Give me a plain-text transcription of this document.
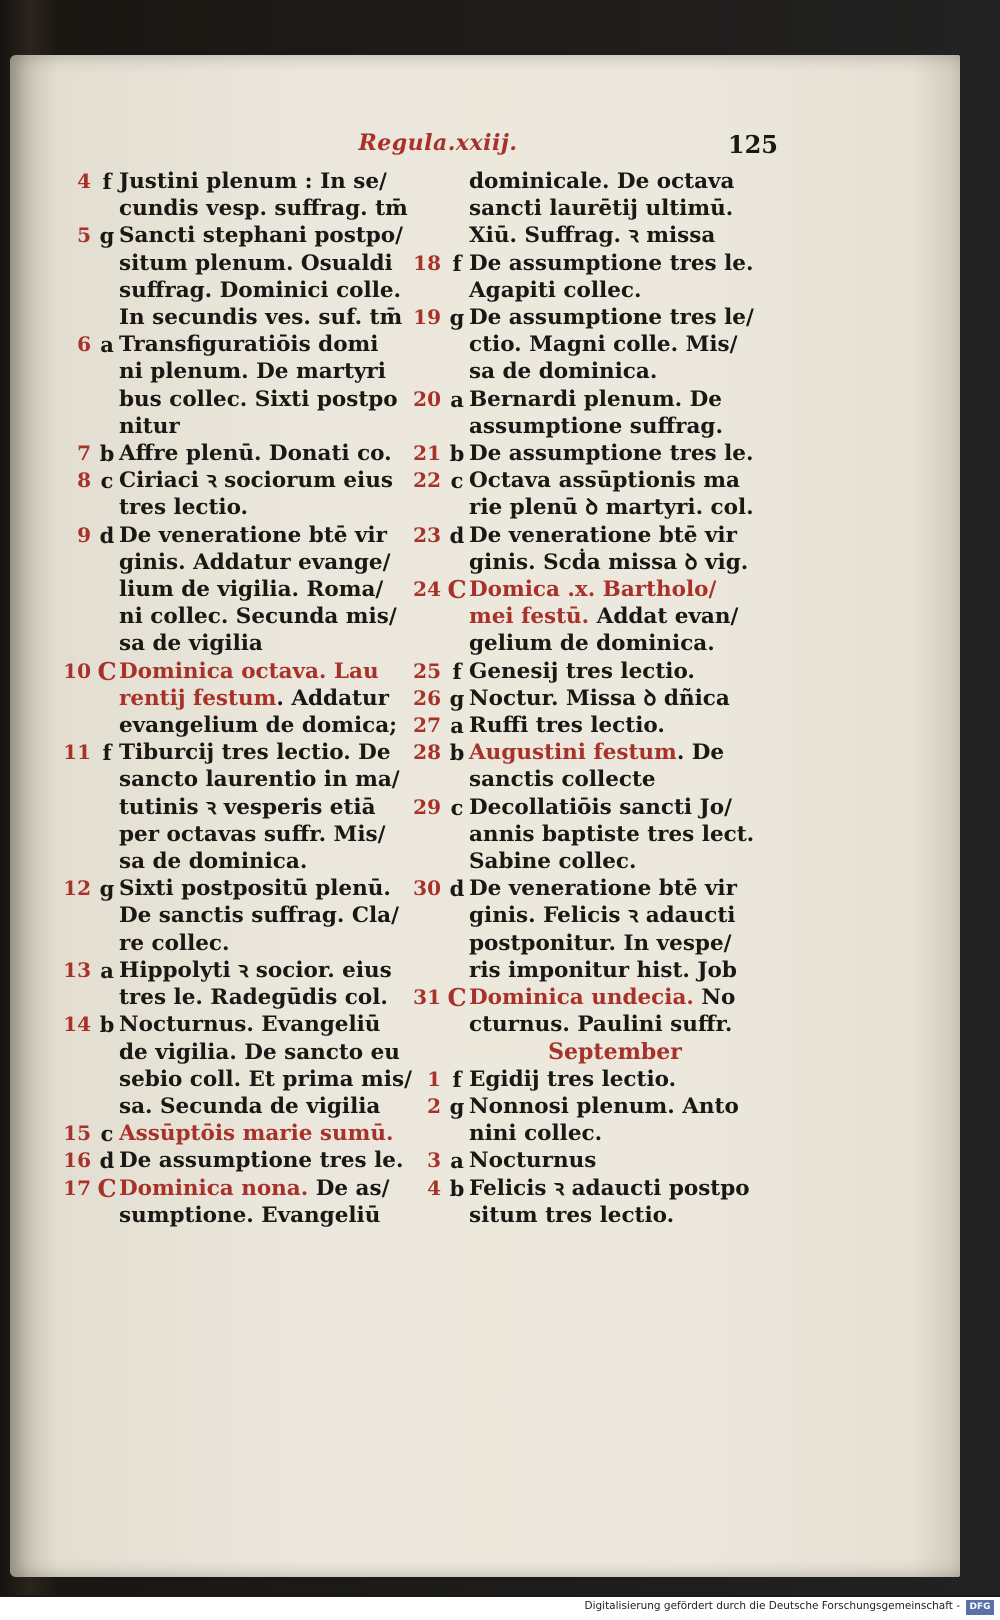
Regula.xxiij.	125
4 f Justini plenum : In se/
cundis vesp. suffrag. tm̄
5 g Sancti stephani postpo/
situm plenum. Osualdi
suffrag. Dominici colle.
In secundis ves. suf. tm̄
6 a Transfiguratiōis domi
ni plenum. De martyri
bus collec. Sixti postpo
nitur
7 b Affre plenū. Donati co.
8 c Ciriaci ꝛ sociorum eius
tres lectio.
9 d De veneratione btē vir
ginis. Addatur evange/
lium de vigilia. Roma/
ni collec. Secunda mis/
sa de vigilia
10 C Dominica octava. Lau
rentij festum. Addatur
evangelium de domica;
11 f Tiburcij tres lectio. De
sancto laurentio in ma/
tutinis ꝛ vesperis etiā
per octavas suffr. Mis/
sa de dominica.
12 g Sixti postpositū plenū.
De sanctis suffrag. Cla/
re collec.
13 a Hippolyti ꝛ socior. eius
tres le. Radegūdis col.
14 b Nocturnus. Evangeliū
de vigilia. De sancto eu
sebio coll. Et prima mis/
sa. Secunda de vigilia
15 c Assūptōis marie sumū.
16 d De assumptione tres le.
17 C Dominica nona. De as/
sumptione. Evangeliū
dominicale. De octava
sancti laurētij ultimū.
Xiū. Suffrag. ꝛ missa
18 f De assumptione tres le.
Agapiti collec.
19 g De assumptione tres le/
ctio. Magni colle. Mis/
sa de dominica.
20 a Bernardi plenum. De
assumptione suffrag.
21 b De assumptione tres le.
22 c Octava assūptionis ma
rie plenū ꝺ martyri. col.
23 d De veneratione btē vir
ginis. Scḋa missa ꝺ vig.
24 C Domica .x. Bartholo/
mei festū. Addat evan/
gelium de dominica.
25 f Genesij tres lectio.
26 g Noctur. Missa ꝺ dñica
27 a Ruffi tres lectio.
28 b Augustini festum. De
sanctis collecte
29 c Decollatiōis sancti Jo/
annis baptiste tres lect.
Sabine collec.
30 d De veneratione btē vir
ginis. Felicis ꝛ adaucti
postponitur. In vespe/
ris imponitur hist. Job
31 C Dominica undecia. No
cturnus. Paulini suffr.
September
1 f Egidij tres lectio.
2 g Nonnosi plenum. Anto
nini collec.
3 a Nocturnus
4 b Felicis ꝛ adaucti postpo
situm tres lectio.
Digitalisierung gefördert durch die Deutsche Forschungsgemeinschaft -	DFG
